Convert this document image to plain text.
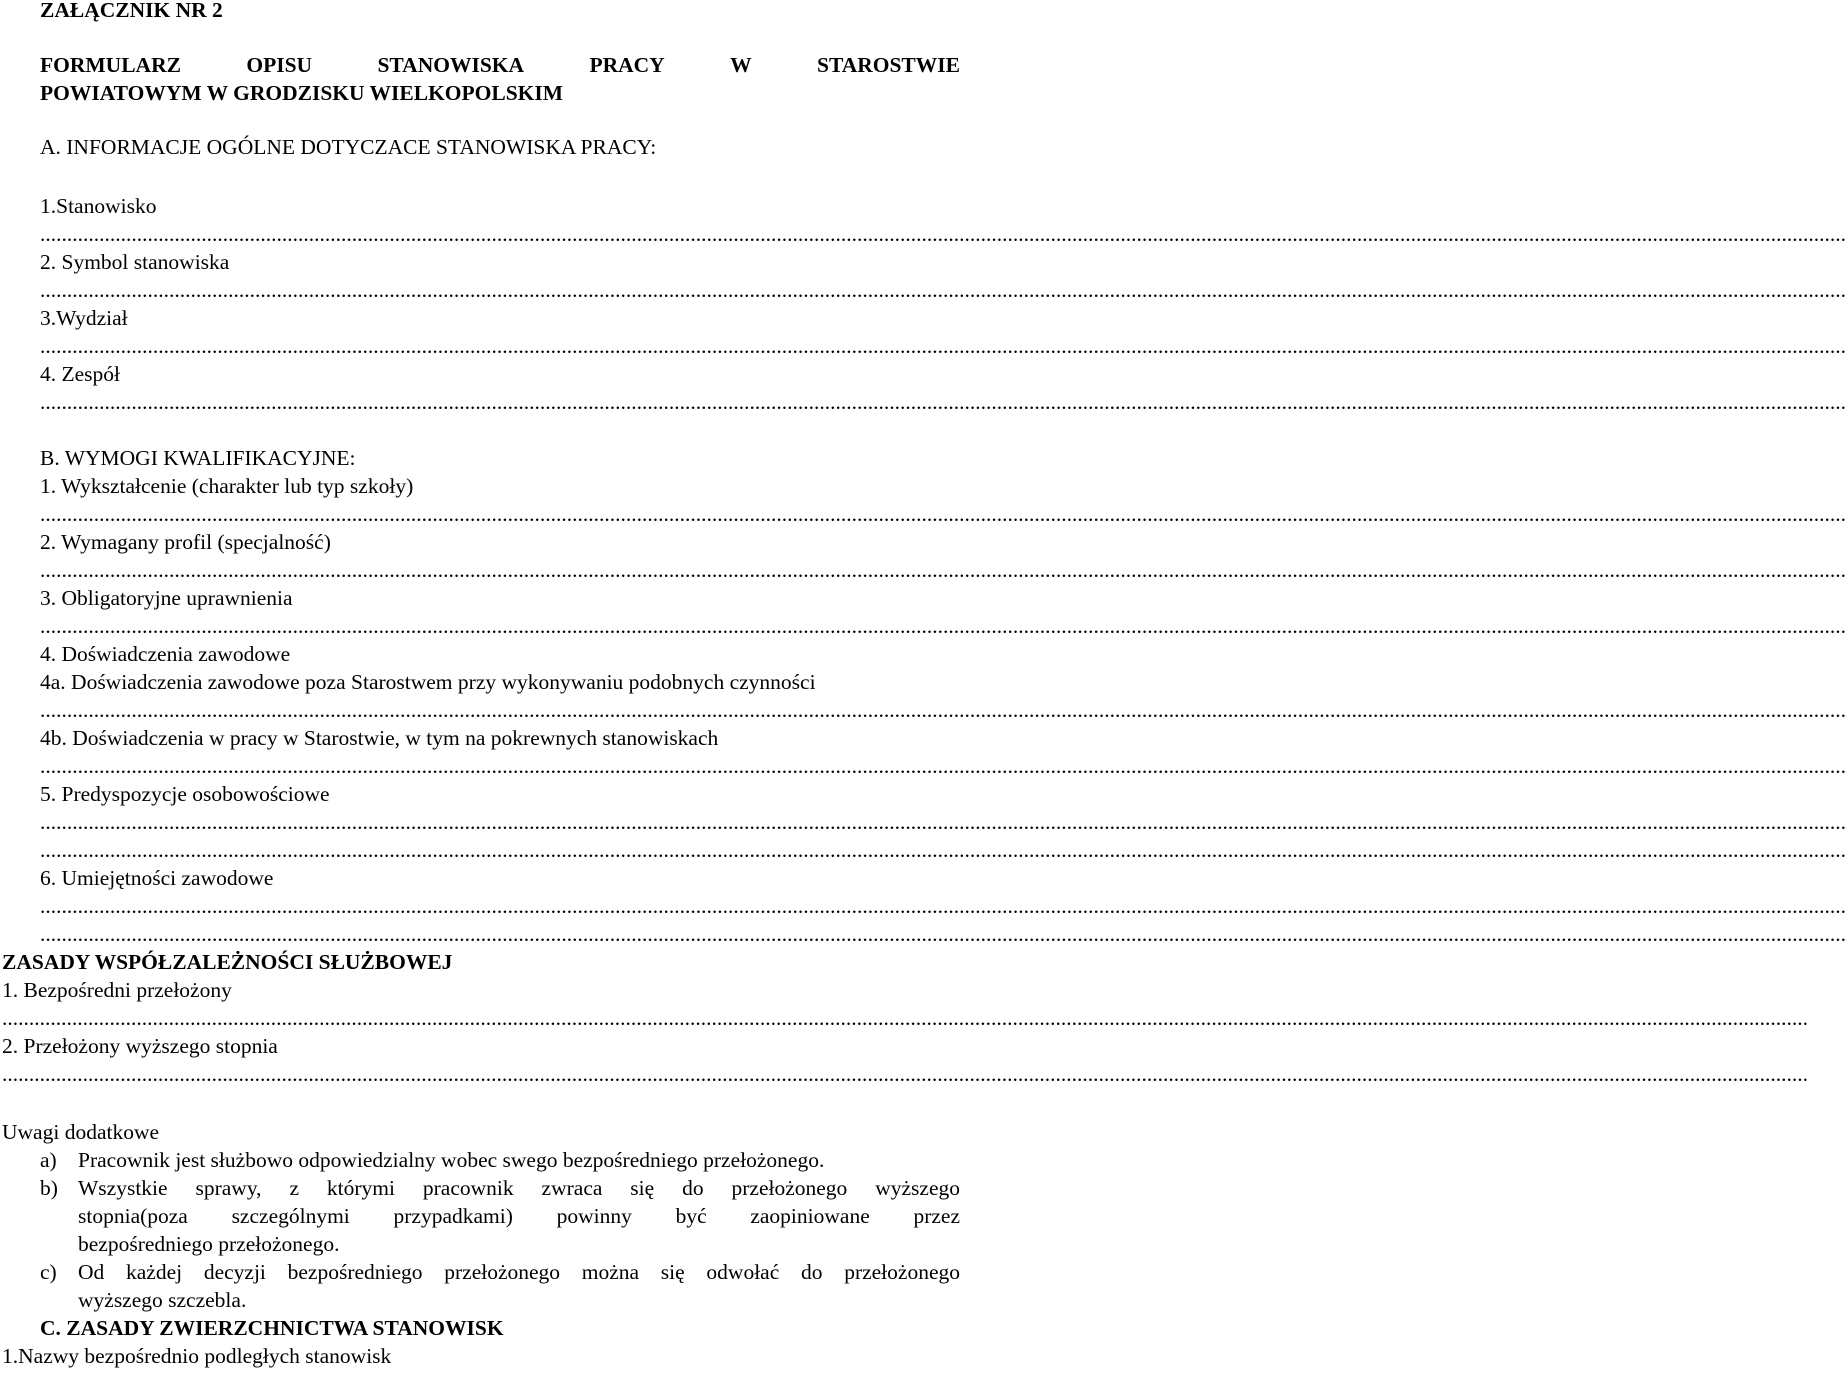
ZAŁĄCZNIK NR 2
FORMULARZ	OPISU	STANOWISKA	PRACY	W	STAROSTWIE
POWIATOWYM W GRODZISKU WIELKOPOLSKIM
A. INFORMACJE OGÓLNE DOTYCZACE STANOWISKA PRACY:
1.Stanowisko
................................................................................................................................................................................................................................................................................................................................................
2. Symbol stanowiska
................................................................................................................................................................................................................................................................................................................................................
3.Wydział
................................................................................................................................................................................................................................................................................................................................................
4. Zespół
................................................................................................................................................................................................................................................................................................................................................
B. WYMOGI KWALIFIKACYJNE:
1. Wykształcenie (charakter lub typ szkoły)
................................................................................................................................................................................................................................................................................................................................................
2. Wymagany profil (specjalność)
................................................................................................................................................................................................................................................................................................................................................
3. Obligatoryjne uprawnienia
................................................................................................................................................................................................................................................................................................................................................
4. Doświadczenia zawodowe
4a. Doświadczenia zawodowe poza Starostwem przy wykonywaniu podobnych czynności
................................................................................................................................................................................................................................................................................................................................................
4b. Doświadczenia w pracy w Starostwie, w tym na pokrewnych stanowiskach
................................................................................................................................................................................................................................................................................................................................................
5. Predyspozycje osobowościowe
................................................................................................................................................................................................................................................................................................................................................
................................................................................................................................................................................................................................................................................................................................................
6. Umiejętności zawodowe
................................................................................................................................................................................................................................................................................................................................................
................................................................................................................................................................................................................................................................................................................................................
ZASADY WSPÓŁZALEŻNOŚCI SŁUŻBOWEJ
1. Bezpośredni przełożony
................................................................................................................................................................................................................................................................................................................................................
2. Przełożony wyższego stopnia
................................................................................................................................................................................................................................................................................................................................................
Uwagi dodatkowe
a) Pracownik jest służbowo odpowiedzialny wobec swego bezpośredniego przełożonego.
b) Wszystkie sprawy, z którymi pracownik zwraca się do przełożonego wyższego
stopnia(poza szczególnymi przypadkami) powinny być zaopiniowane przez
bezpośredniego przełożonego.
c) Od każdej decyzji bezpośredniego przełożonego można się odwołać do przełożonego
wyższego szczebla.
C. ZASADY ZWIERZCHNICTWA STANOWISK
1.Nazwy bezpośrednio podległych stanowisk
